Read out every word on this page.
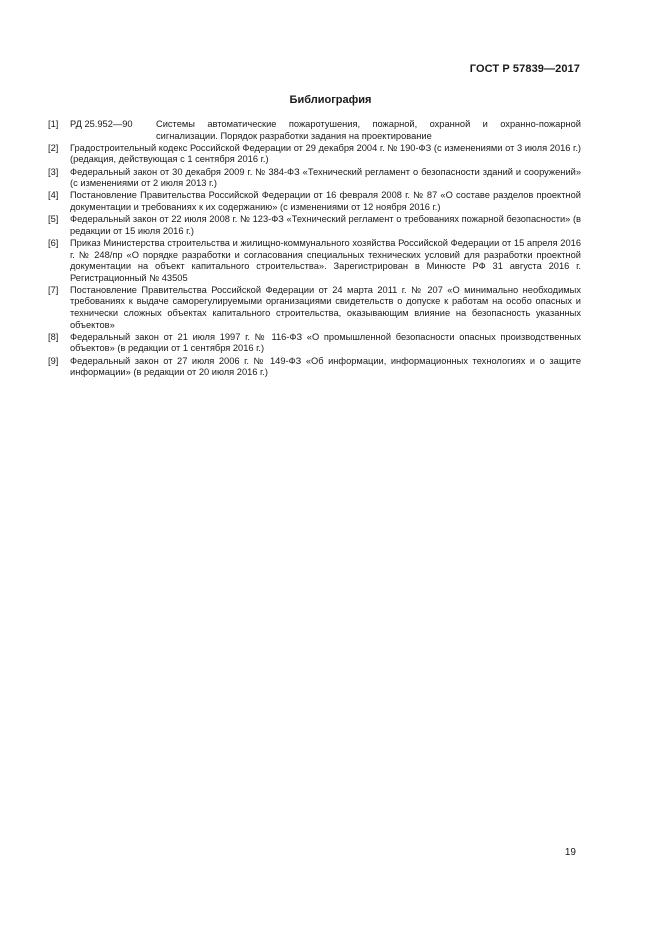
ГОСТ Р 57839—2017
Библиография
[1]	РД 25.952—90	Системы автоматические пожаротушения, пожарной, охранной и охранно-пожарной сигнализации. Порядок разработки задания на проектирование
[2]	Градостроительный кодекс Российской Федерации от 29 декабря 2004 г. № 190-ФЗ (с изменениями от 3 июля 2016 г.) (редакция, действующая с 1 сентября 2016 г.)
[3]	Федеральный закон от 30 декабря 2009 г. № 384-ФЗ «Технический регламент о безопасности зданий и сооружений» (с изменениями от 2 июля 2013 г.)
[4]	Постановление Правительства Российской Федерации от 16 февраля 2008 г. № 87 «О составе разделов проектной документации и требованиях к их содержанию» (с изменениями от 12 ноября 2016 г.)
[5]	Федеральный закон от 22 июля 2008 г. № 123-ФЗ «Технический регламент о требованиях пожарной безопасности» (в редакции от 15 июля 2016 г.)
[6]	Приказ Министерства строительства и жилищно-коммунального хозяйства Российской Федерации от 15 апреля 2016 г. № 248/пр «О порядке разработки и согласования специальных технических условий для разработки проектной документации на объект капитального строительства». Зарегистрирован в Минюсте РФ 31 августа 2016 г. Регистрационный № 43505
[7]	Постановление Правительства Российской Федерации от 24 марта 2011 г. № 207 «О минимально необходимых требованиях к выдаче саморегулируемыми организациями свидетельств о допуске к работам на особо опасных и технически сложных объектах капитального строительства, оказывающим влияние на безопасность указанных объектов»
[8]	Федеральный закон от 21 июля 1997 г. № 116-ФЗ «О промышленной безопасности опасных производственных объектов» (в редакции от 1 сентября 2016 г.)
[9]	Федеральный закон от 27 июля 2006 г. № 149-ФЗ «Об информации, информационных технологиях и о защите информации» (в редакции от 20 июля 2016 г.)
19
